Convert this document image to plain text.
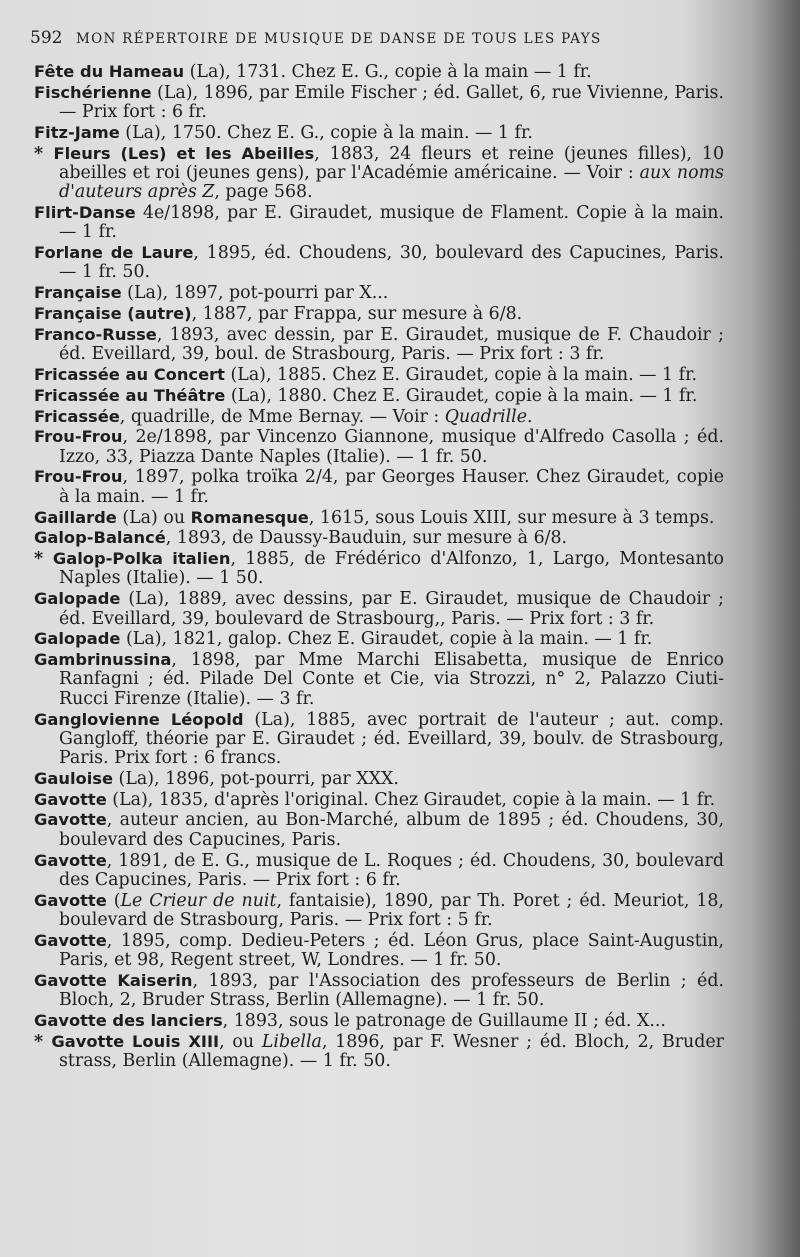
592 MON RÉPERTOIRE DE MUSIQUE DE DANSE DE TOUS LES PAYS

Fête du Hameau (La), 1731. Chez E. G., copie à la main — 1 fr.

Fischérienne (La), 1896, par Emile Fischer ; éd. Gallet, 6, rue Vivienne, Paris. — Prix fort : 6 fr.

Fitz-Jame (La), 1750. Chez E. G., copie à la main. — 1 fr.

* Fleurs (Les) et les Abeilles, 1883, 24 fleurs et reine (jeunes filles), 10 abeilles et roi (jeunes gens), par l'Académie américaine. — Voir : aux noms d'auteurs après Z, page 568.

Flirt-Danse 4e/1898, par E. Giraudet, musique de Flament. Copie à la main. — 1 fr.

Forlane de Laure, 1895, éd. Choudens, 30, boulevard des Capucines, Paris. — 1 fr. 50.

Française (La), 1897, pot-pourri par X...

Française (autre), 1887, par Frappa, sur mesure à 6/8.

Franco-Russe, 1893, avec dessin, par E. Giraudet, musique de F. Chaudoir ; éd. Eveillard, 39, boul. de Strasbourg, Paris. — Prix fort : 3 fr.

Fricassée au Concert (La), 1885. Chez E. Giraudet, copie à la main. — 1 fr.

Fricassée au Théâtre (La), 1880. Chez E. Giraudet, copie à la main. — 1 fr.

Fricassée, quadrille, de Mme Bernay. — Voir : Quadrille.

Frou-Frou, 2e/1898, par Vincenzo Giannone, musique d'Alfredo Casolla ; éd. Izzo, 33, Piazza Dante Naples (Italie). — 1 fr. 50.

Frou-Frou, 1897, polka troïka 2/4, par Georges Hauser. Chez Giraudet, copie à la main. — 1 fr.

Gaillarde (La) ou Romanesque, 1615, sous Louis XIII, sur mesure à 3 temps.

Galop-Balancé, 1893, de Daussy-Bauduin, sur mesure à 6/8.

* Galop-Polka italien, 1885, de Frédérico d'Alfonzo, 1, Largo, Montesanto Naples (Italie). — 1 50.

Galopade (La), 1889, avec dessins, par E. Giraudet, musique de Chaudoir ; éd. Eveillard, 39, boulevard de Strasbourg,, Paris. — Prix fort : 3 fr.

Galopade (La), 1821, galop. Chez E. Giraudet, copie à la main. — 1 fr.

Gambrinussina, 1898, par Mme Marchi Elisabetta, musique de Enrico Ranfagni ; éd. Pilade Del Conte et Cie, via Strozzi, n° 2, Palazzo Ciuti-Rucci Firenze (Italie). — 3 fr.

Ganglovienne Léopold (La), 1885, avec portrait de l'auteur ; aut. comp. Gangloff, théorie par E. Giraudet ; éd. Eveillard, 39, boulv. de Strasbourg, Paris. Prix fort : 6 francs.

Gauloise (La), 1896, pot-pourri, par XXX.

Gavotte (La), 1835, d'après l'original. Chez Giraudet, copie à la main. — 1 fr.

Gavotte, auteur ancien, au Bon-Marché, album de 1895 ; éd. Choudens, 30, boulevard des Capucines, Paris.

Gavotte, 1891, de E. G., musique de L. Roques ; éd. Choudens, 30, boulevard des Capucines, Paris. — Prix fort : 6 fr.

Gavotte (Le Crieur de nuit, fantaisie), 1890, par Th. Poret ; éd. Meuriot, 18, boulevard de Strasbourg, Paris. — Prix fort : 5 fr.

Gavotte, 1895, comp. Dedieu-Peters ; éd. Léon Grus, place Saint-Augustin, Paris, et 98, Regent street, W, Londres. — 1 fr. 50.

Gavotte Kaiserin, 1893, par l'Association des professeurs de Berlin ; éd. Bloch, 2, Bruder Strass, Berlin (Allemagne). — 1 fr. 50.

Gavotte des lanciers, 1893, sous le patronage de Guillaume II ; éd. X...

* Gavotte Louis XIII, ou Libella, 1896, par F. Wesner ; éd. Bloch, 2, Bruder strass, Berlin (Allemagne). — 1 fr. 50.
